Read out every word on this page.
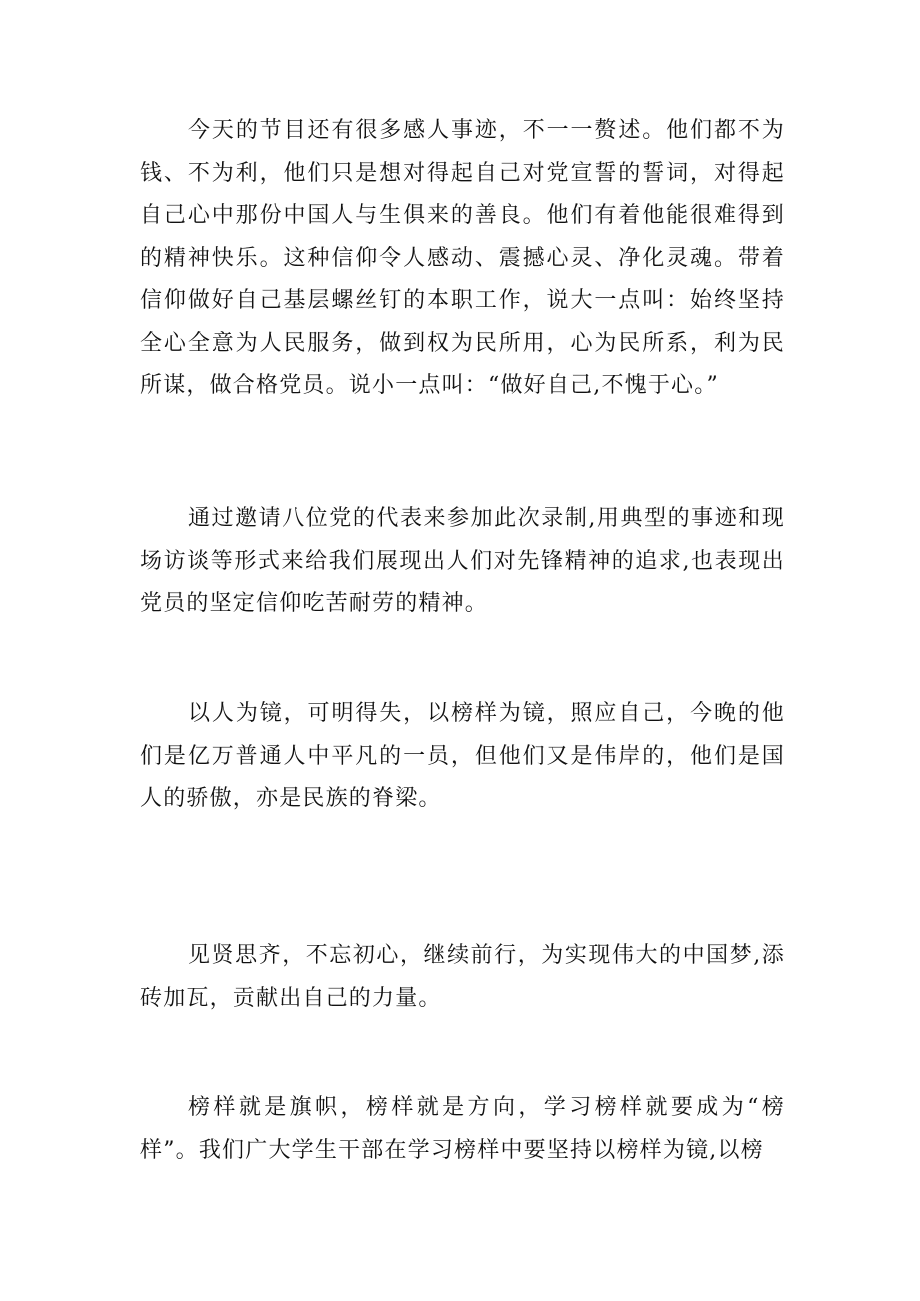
今天的节目还有很多感人事迹，不一一赘述。他们都不为钱、不为利，他们只是想对得起自己对党宣誓的誓词，对得起自己心中那份中国人与生俱来的善良。他们有着他能很难得到的精神快乐。这种信仰令人感动、震撼心灵、净化灵魂。带着信仰做好自己基层螺丝钉的本职工作，说大一点叫：始终坚持全心全意为人民服务，做到权为民所用，心为民所系，利为民所谋，做合格党员。说小一点叫：“做好自己,不愧于心。”

通过邀请八位党的代表来参加此次录制,用典型的事迹和现场访谈等形式来给我们展现出人们对先锋精神的追求,也表现出党员的坚定信仰吃苦耐劳的精神。

以人为镜，可明得失，以榜样为镜，照应自己，今晚的他们是亿万普通人中平凡的一员，但他们又是伟岸的，他们是国人的骄傲，亦是民族的脊梁。

见贤思齐，不忘初心，继续前行，为实现伟大的中国梦,添砖加瓦，贡献出自己的力量。

榜样就是旗帜，榜样就是方向，学习榜样就要成为“榜样”。我们广大学生干部在学习榜样中要坚持以榜样为镜,以榜
